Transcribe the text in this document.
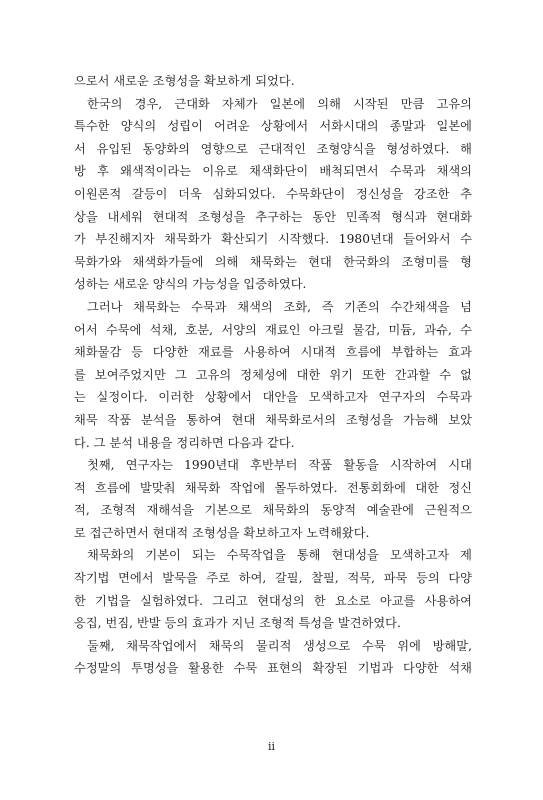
으로서 새로운 조형성을 확보하게 되었다.
한국의 경우, 근대화 자체가 일본에 의해 시작된 만큼 고유의
특수한 양식의 성립이 어려운 상황에서 서화시대의 종말과 일본에
서 유입된 동양화의 영향으로 근대적인 조형양식을 형성하였다. 해
방 후 왜색적이라는 이유로 채색화단이 배척되면서 수묵과 채색의
이원론적 갈등이 더욱 심화되었다. 수묵화단이 정신성을 강조한 추
상을 내세워 현대적 조형성을 추구하는 동안 민족적 형식과 현대화
가 부진해지자 채묵화가 확산되기 시작했다. 1980년대 들어와서 수
묵화가와 채색화가들에 의해 채묵화는 현대 한국화의 조형미를 형
성하는 새로운 양식의 가능성을 입증하였다.
그러나 채묵화는 수묵과 채색의 조화, 즉 기존의 수간채색을 넘
어서 수묵에 석채, 호분, 서양의 재료인 아크릴 물감, 미듐, 과슈, 수
채화물감 등 다양한 재료를 사용하여 시대적 흐름에 부합하는 효과
를 보여주었지만 그 고유의 정체성에 대한 위기 또한 간과할 수 없
는 실정이다. 이러한 상황에서 대안을 모색하고자 연구자의 수묵과
채묵 작품 분석을 통하여 현대 채묵화로서의 조형성을 가늠해 보았
다. 그 분석 내용을 정리하면 다음과 같다.
첫째, 연구자는 1990년대 후반부터 작품 활동을 시작하여 시대
적 흐름에 발맞춰 채묵화 작업에 몰두하였다. 전통회화에 대한 정신
적, 조형적 재해석을 기본으로 채묵화의 동양적 예술관에 근원적으
로 접근하면서 현대적 조형성을 확보하고자 노력해왔다.
채묵화의 기본이 되는 수묵작업을 통해 현대성을 모색하고자 제
작기법 면에서 발묵을 주로 하여, 갈필, 찰필, 적묵, 파묵 등의 다양
한 기법을 실험하였다. 그리고 현대성의 한 요소로 아교를 사용하여
응집, 번짐, 반발 등의 효과가 지닌 조형적 특성을 발견하였다.
둘째, 채묵작업에서 채묵의 물리적 생성으로 수묵 위에 방해말,
수정말의 투명성을 활용한 수묵 표현의 확장된 기법과 다양한 석채
ii
